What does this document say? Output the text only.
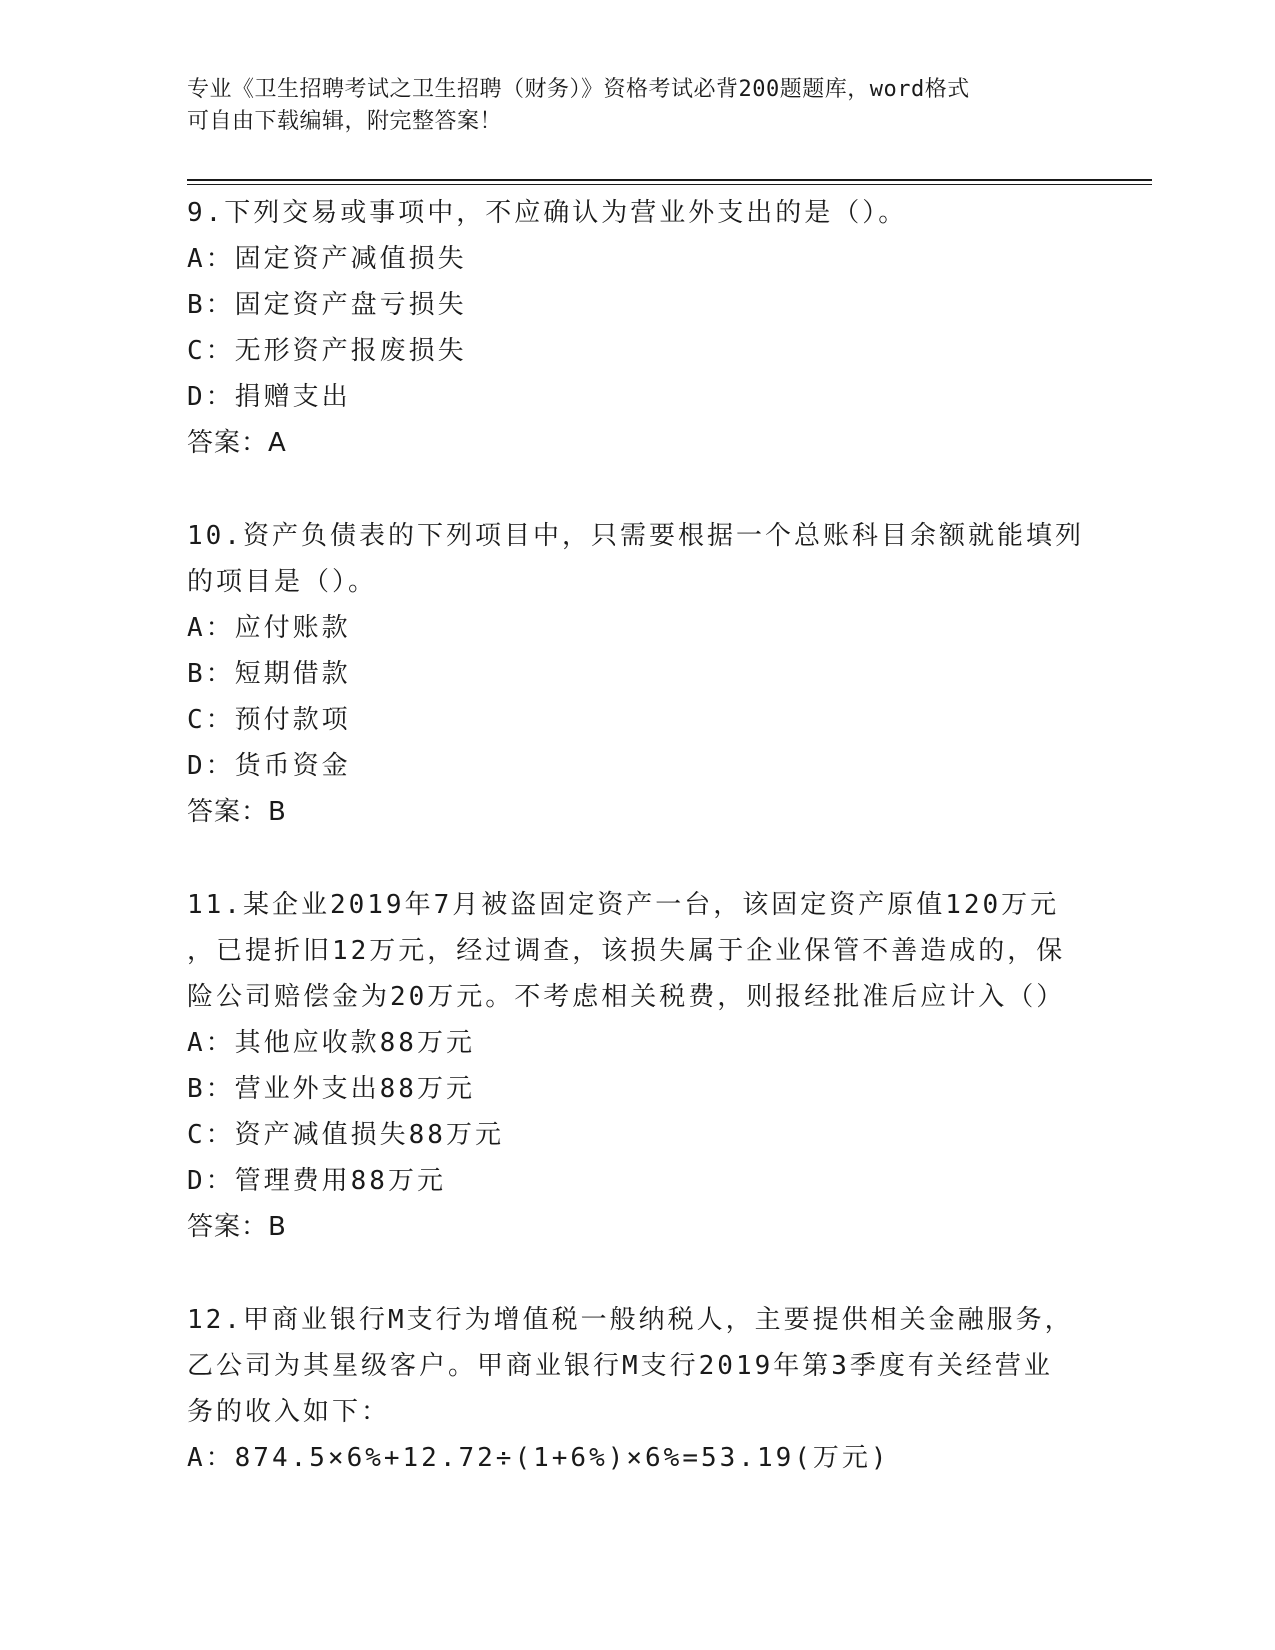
专业《卫生招聘考试之卫生招聘（财务）》资格考试必背200题题库，word格式
可自由下载编辑，附完整答案！
9.下列交易或事项中，不应确认为营业外支出的是（）。
A：固定资产减值损失
B：固定资产盘亏损失
C：无形资产报废损失
D：捐赠支出
答案：A
10.资产负债表的下列项目中，只需要根据一个总账科目余额就能填列
的项目是（）。
A：应付账款
B：短期借款
C：预付款项
D：货币资金
答案：B
11.某企业2019年7月被盗固定资产一台，该固定资产原值120万元
，已提折旧12万元，经过调查，该损失属于企业保管不善造成的，保
险公司赔偿金为20万元。不考虑相关税费，则报经批准后应计入（）
A：其他应收款88万元
B：营业外支出88万元
C：资产减值损失88万元
D：管理费用88万元
答案：B
12.甲商业银行M支行为增值税一般纳税人，主要提供相关金融服务，
乙公司为其星级客户。甲商业银行M支行2019年第3季度有关经营业
务的收入如下：
A：874.5×6%+12.72÷(1+6%)×6%=53.19(万元)
